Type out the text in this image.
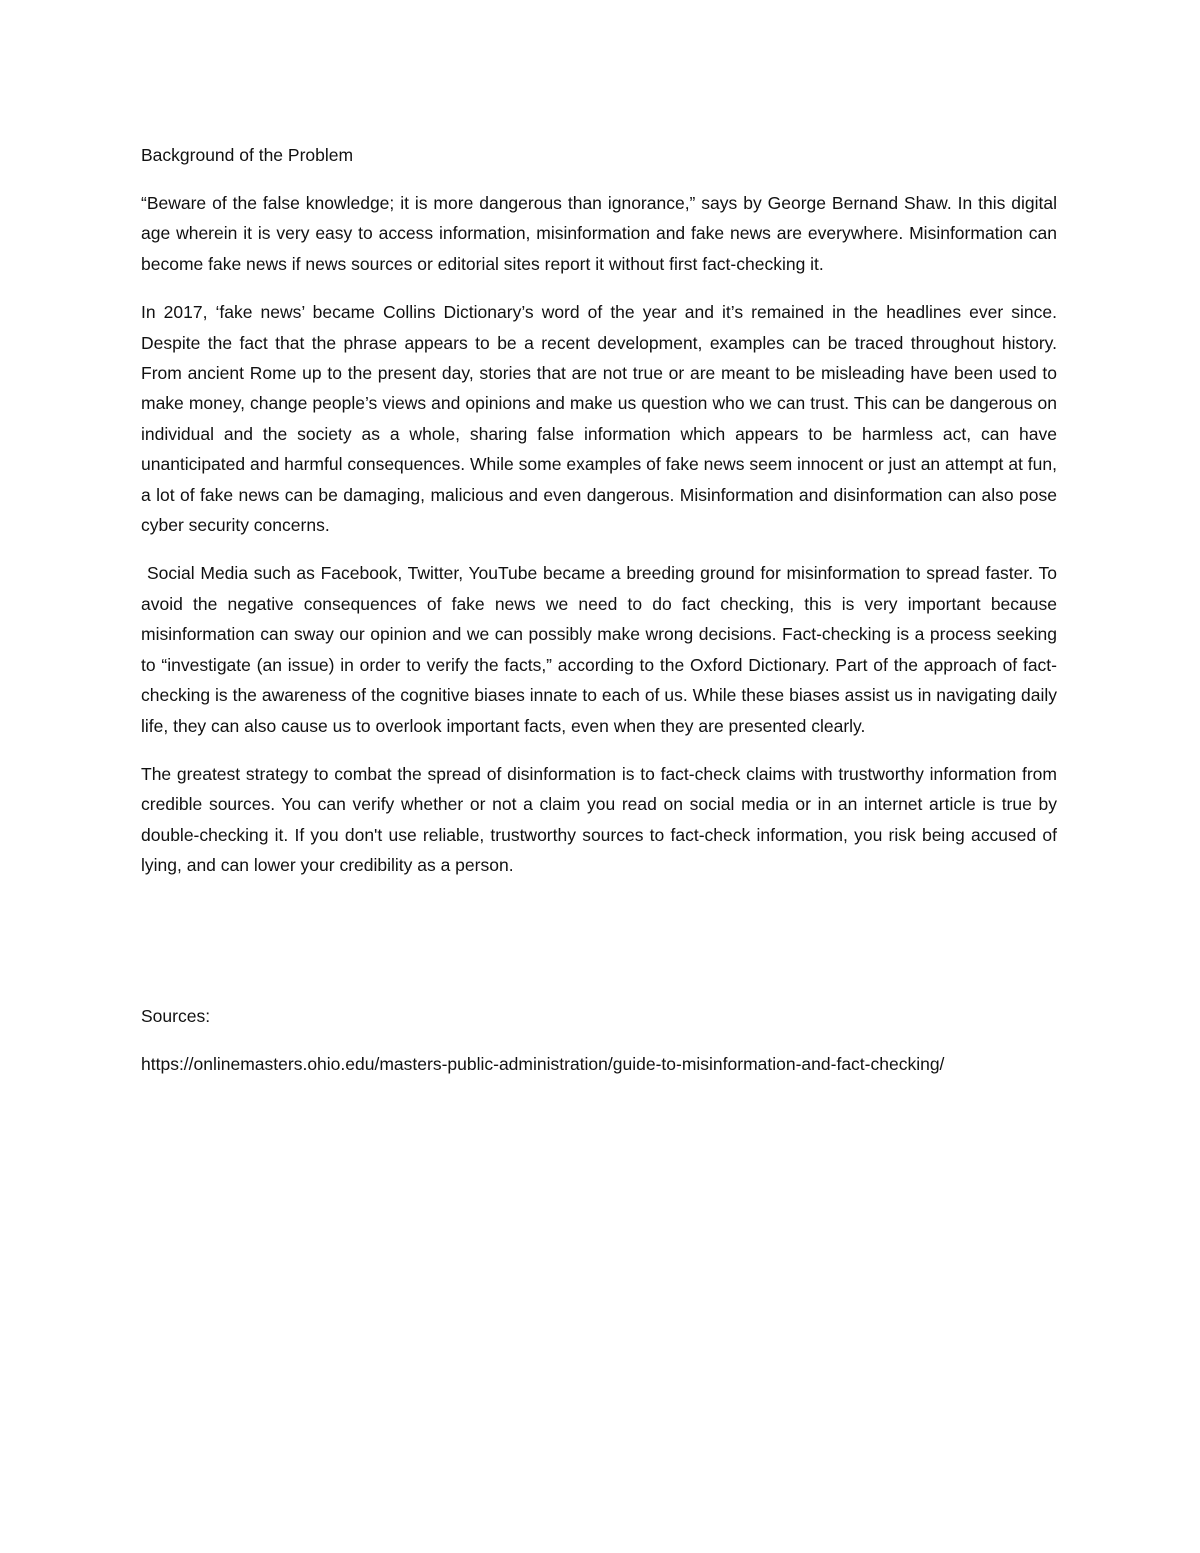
Background of the Problem

“Beware of the false knowledge; it is more dangerous than ignorance,” says by George Bernand Shaw. In this digital age wherein it is very easy to access information, misinformation and fake news are everywhere. Misinformation can become fake news if news sources or editorial sites report it without first fact-checking it.

In 2017, ‘fake news’ became Collins Dictionary’s word of the year and it’s remained in the headlines ever since. Despite the fact that the phrase appears to be a recent development, examples can be traced throughout history. From ancient Rome up to the present day, stories that are not true or are meant to be misleading have been used to make money, change people’s views and opinions and make us question who we can trust. This can be dangerous on individual and the society as a whole, sharing false information which appears to be harmless act, can have unanticipated and harmful consequences. While some examples of fake news seem innocent or just an attempt at fun, a lot of fake news can be damaging, malicious and even dangerous. Misinformation and disinformation can also pose cyber security concerns.

Social Media such as Facebook, Twitter, YouTube became a breeding ground for misinformation to spread faster. To avoid the negative consequences of fake news we need to do fact checking, this is very important because misinformation can sway our opinion and we can possibly make wrong decisions. Fact-checking is a process seeking to “investigate (an issue) in order to verify the facts,” according to the Oxford Dictionary. Part of the approach of fact-checking is the awareness of the cognitive biases innate to each of us. While these biases assist us in navigating daily life, they can also cause us to overlook important facts, even when they are presented clearly.

The greatest strategy to combat the spread of disinformation is to fact-check claims with trustworthy information from credible sources. You can verify whether or not a claim you read on social media or in an internet article is true by double-checking it. If you don't use reliable, trustworthy sources to fact-check information, you risk being accused of lying, and can lower your credibility as a person.

Sources:

https://onlinemasters.ohio.edu/masters-public-administration/guide-to-misinformation-and-fact-checking/
